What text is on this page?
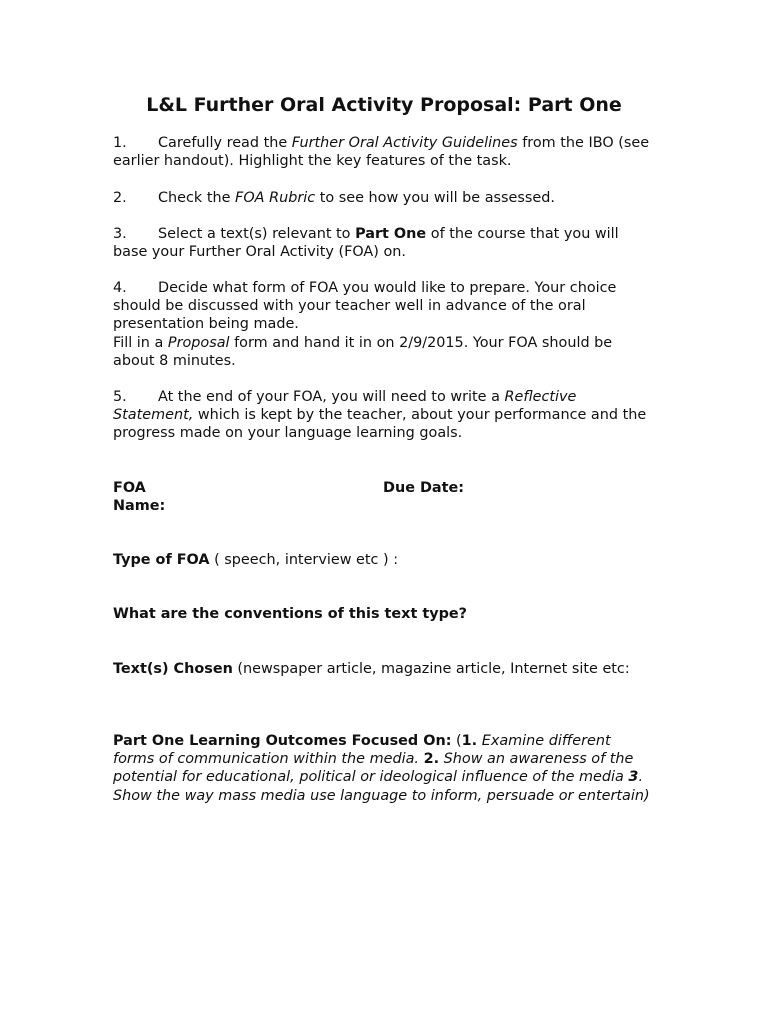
L&L Further Oral Activity Proposal: Part One

1. Carefully read the Further Oral Activity Guidelines from the IBO (see earlier handout). Highlight the key features of the task.

2. Check the FOA Rubric to see how you will be assessed.

3. Select a text(s) relevant to Part One of the course that you will base your Further Oral Activity (FOA) on.

4. Decide what form of FOA you would like to prepare. Your choice should be discussed with your teacher well in advance of the oral presentation being made.
Fill in a Proposal form and hand it in on 2/9/2015. Your FOA should be about 8 minutes.

5. At the end of your FOA, you will need to write a Reflective Statement, which is kept by the teacher, about your performance and the progress made on your language learning goals.

FOA Name:

Due Date:

Type of FOA ( speech, interview etc ) :

What are the conventions of this text type?

Text(s) Chosen (newspaper article, magazine article, Internet site etc:

Part One Learning Outcomes Focused On: (1. Examine different forms of communication within the media. 2. Show an awareness of the potential for educational, political or ideological influence of the media 3. Show the way mass media use language to inform, persuade or entertain)
